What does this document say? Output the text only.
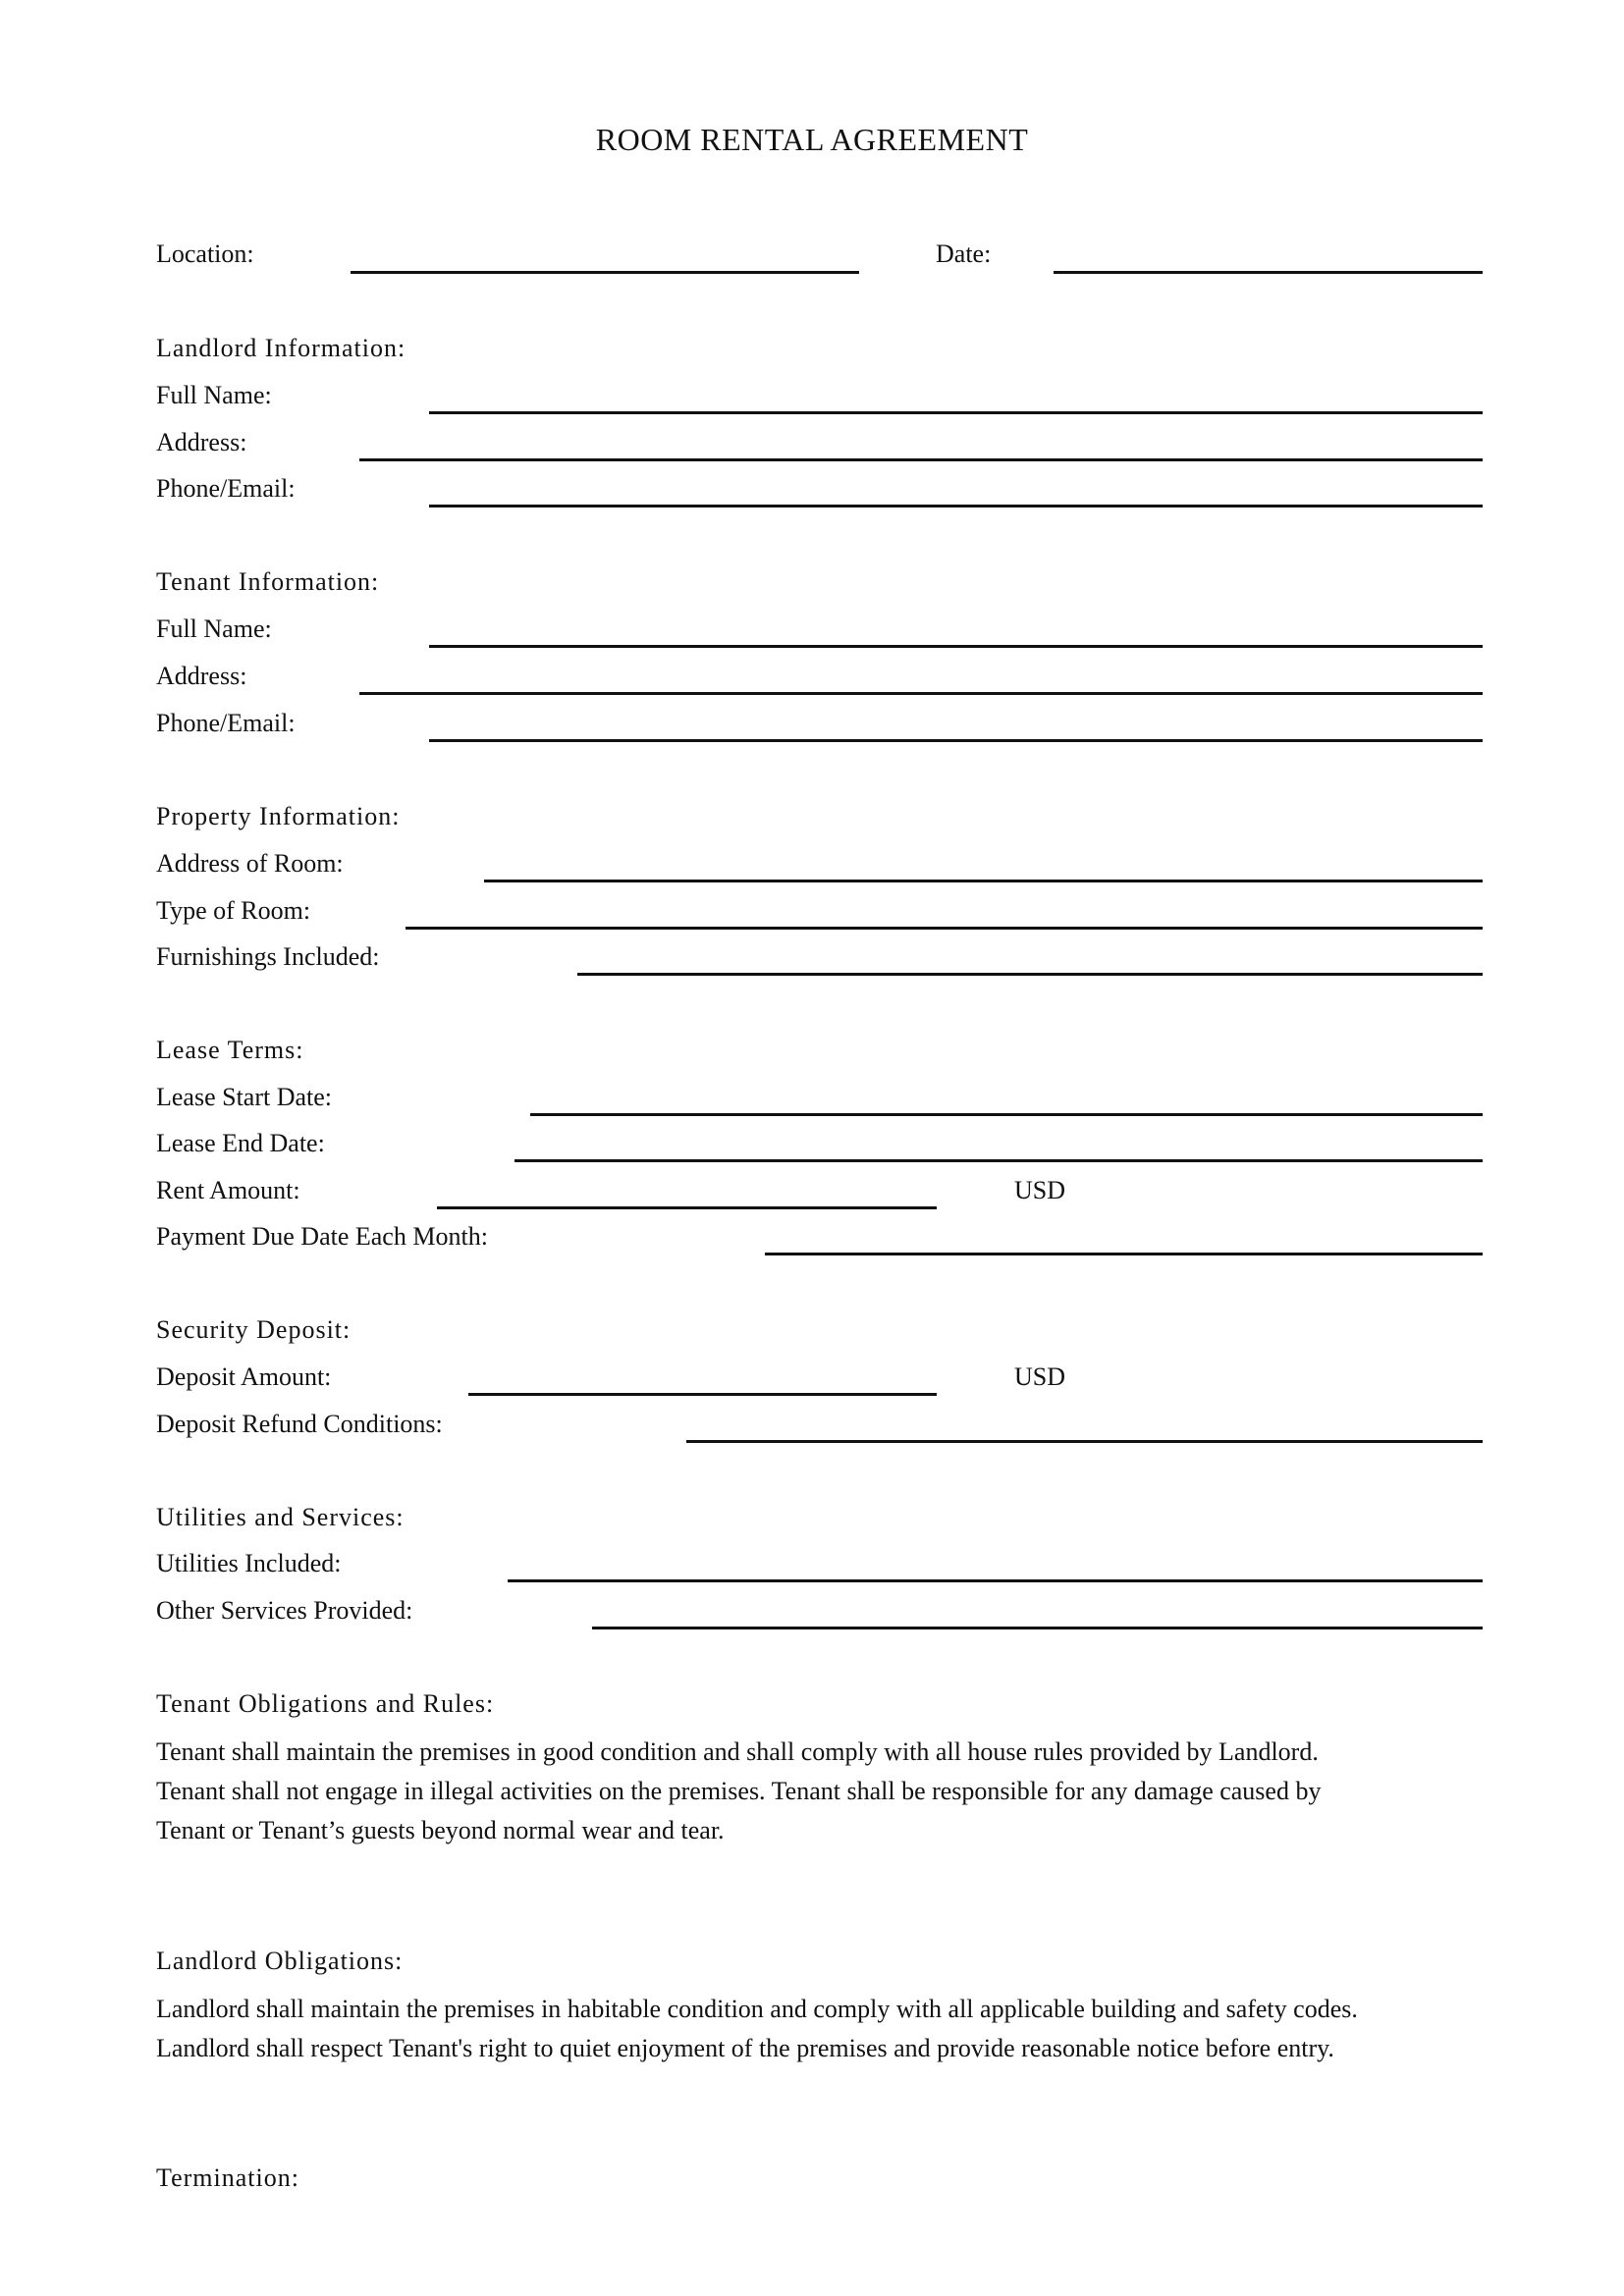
ROOM RENTAL AGREEMENT
Location:	Date:
Landlord Information:
Full Name:
Address:
Phone/Email:
Tenant Information:
Full Name:
Address:
Phone/Email:
Property Information:
Address of Room:
Type of Room:
Furnishings Included:
Lease Terms:
Lease Start Date:
Lease End Date:
Rent Amount:	USD
Payment Due Date Each Month:
Security Deposit:
Deposit Amount:	USD
Deposit Refund Conditions:
Utilities and Services:
Utilities Included:
Other Services Provided:
Tenant Obligations and Rules:
Tenant shall maintain the premises in good condition and shall comply with all house rules provided by Landlord.
Tenant shall not engage in illegal activities on the premises. Tenant shall be responsible for any damage caused by
Tenant or Tenant’s guests beyond normal wear and tear.
Landlord Obligations:
Landlord shall maintain the premises in habitable condition and comply with all applicable building and safety codes.
Landlord shall respect Tenant's right to quiet enjoyment of the premises and provide reasonable notice before entry.
Termination:
